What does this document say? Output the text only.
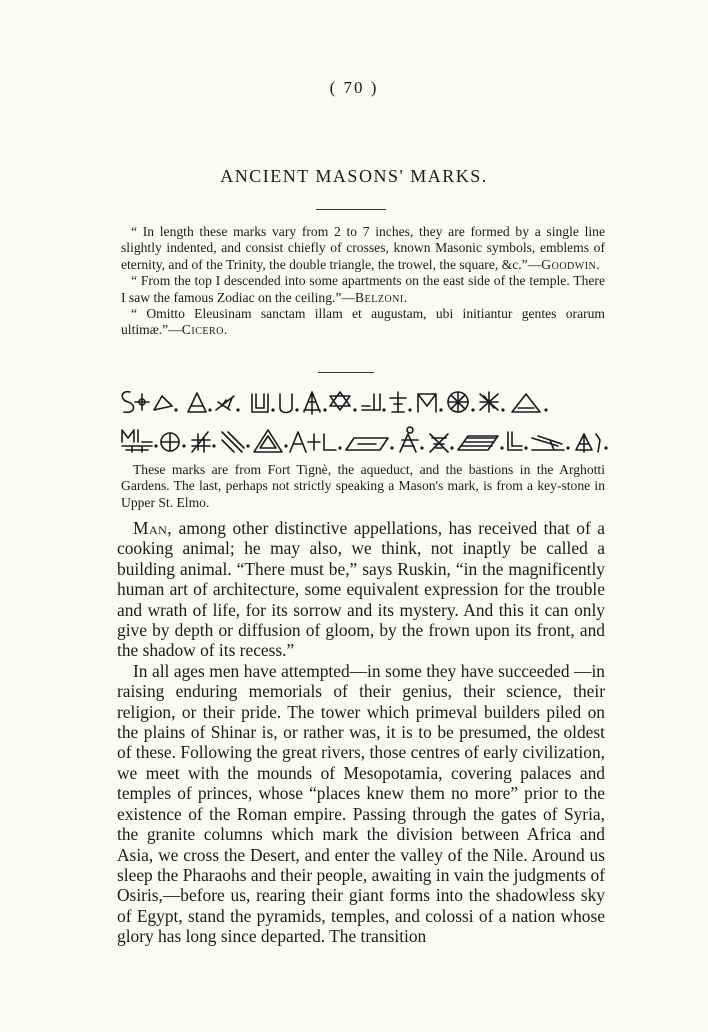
( 70 )
ANCIENT MASONS' MARKS.

“ In length these marks vary from 2 to 7 inches, they are formed by a single line slightly indented, and consist chiefly of crosses, known Masonic symbols, emblems of eternity, and of the Trinity, the double triangle, the trowel, the square, &c.”—Goodwin.

“ From the top I descended into some apartments on the east side of the temple. There I saw the famous Zodiac on the ceiling.”—Belzoni.

“ Omitto Eleusinam sanctam illam et augustam, ubi initiantur gentes orarum ultimæ.”—Cicero.

These marks are from Fort Tignè, the aqueduct, and the bastions in the Arghotti Gardens. The last, perhaps not strictly speaking a Mason's mark, is from a key-stone in Upper St. Elmo.

Man, among other distinctive appellations, has received that of a cooking animal; he may also, we think, not inaptly be called a building animal. “There must be,” says Ruskin, “in the magnificently human art of architecture, some equivalent expression for the trouble and wrath of life, for its sorrow and its mystery. And this it can only give by depth or diffusion of gloom, by the frown upon its front, and the shadow of its recess.”

In all ages men have attempted—in some they have succeeded —in raising enduring memorials of their genius, their science, their religion, or their pride. The tower which primeval builders piled on the plains of Shinar is, or rather was, it is to be presumed, the oldest of these. Following the great rivers, those centres of early civilization, we meet with the mounds of Mesopotamia, covering palaces and temples of princes, whose “places knew them no more” prior to the existence of the Roman empire. Passing through the gates of Syria, the granite columns which mark the division between Africa and Asia, we cross the Desert, and enter the valley of the Nile. Around us sleep the Pharaohs and their people, awaiting in vain the judgments of Osiris,—before us, rearing their giant forms into the shadowless sky of Egypt, stand the pyramids, temples, and colossi of a nation whose glory has long since departed. The transition
